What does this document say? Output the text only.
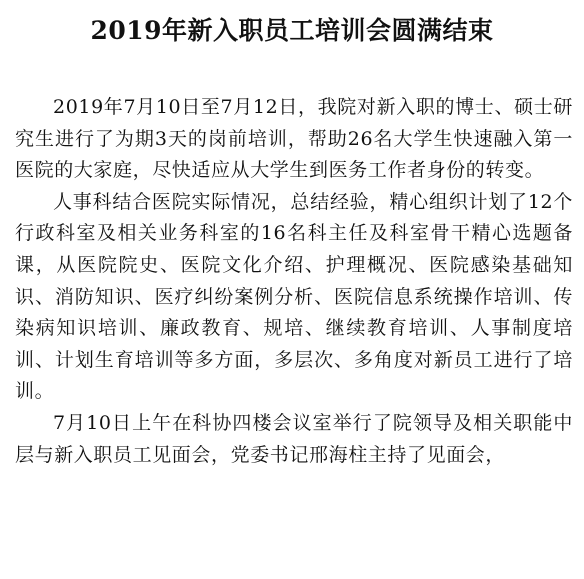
2019年新入职员工培训会圆满结束

2019年7月10日至7月12日，我院对新入职的博士、硕士研究生进行了为期3天的岗前培训，帮助26名大学生快速融入第一医院的大家庭，尽快适应从大学生到医务工作者身份的转变。

人事科结合医院实际情况，总结经验，精心组织计划了12个行政科室及相关业务科室的16名科主任及科室骨干精心选题备课，从医院院史、医院文化介绍、护理概况、医院感染基础知识、消防知识、医疗纠纷案例分析、医院信息系统操作培训、传染病知识培训、廉政教育、规培、继续教育培训、人事制度培训、计划生育培训等多方面，多层次、多角度对新员工进行了培训。

7月10日上午在科协四楼会议室举行了院领导及相关职能中层与新入职员工见面会，党委书记邢海柱主持了见面会，
